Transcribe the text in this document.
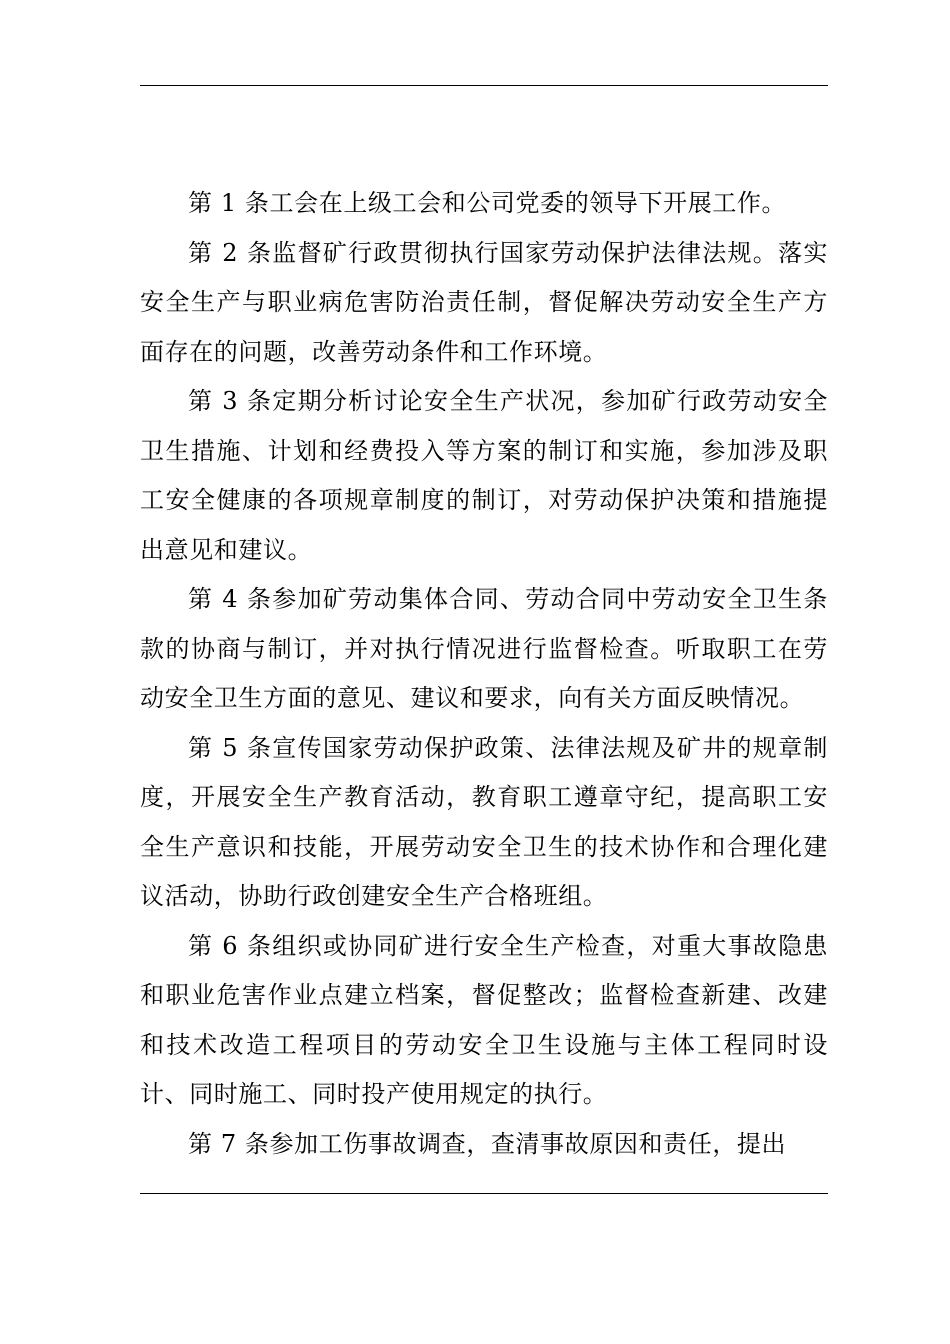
第 1 条工会在上级工会和公司党委的领导下开展工作。

第 2 条监督矿行政贯彻执行国家劳动保护法律法规。落实安全生产与职业病危害防治责任制，督促解决劳动安全生产方面存在的问题，改善劳动条件和工作环境。

第 3 条定期分析讨论安全生产状况，参加矿行政劳动安全卫生措施、计划和经费投入等方案的制订和实施，参加涉及职工安全健康的各项规章制度的制订，对劳动保护决策和措施提出意见和建议。

第 4 条参加矿劳动集体合同、劳动合同中劳动安全卫生条款的协商与制订，并对执行情况进行监督检查。听取职工在劳动安全卫生方面的意见、建议和要求，向有关方面反映情况。

第 5 条宣传国家劳动保护政策、法律法规及矿井的规章制度，开展安全生产教育活动，教育职工遵章守纪，提高职工安全生产意识和技能，开展劳动安全卫生的技术协作和合理化建议活动，协助行政创建安全生产合格班组。

第 6 条组织或协同矿进行安全生产检查，对重大事故隐患和职业危害作业点建立档案，督促整改；监督检查新建、改建和技术改造工程项目的劳动安全卫生设施与主体工程同时设计、同时施工、同时投产使用规定的执行。

第 7 条参加工伤事故调查，查清事故原因和责任，提出
